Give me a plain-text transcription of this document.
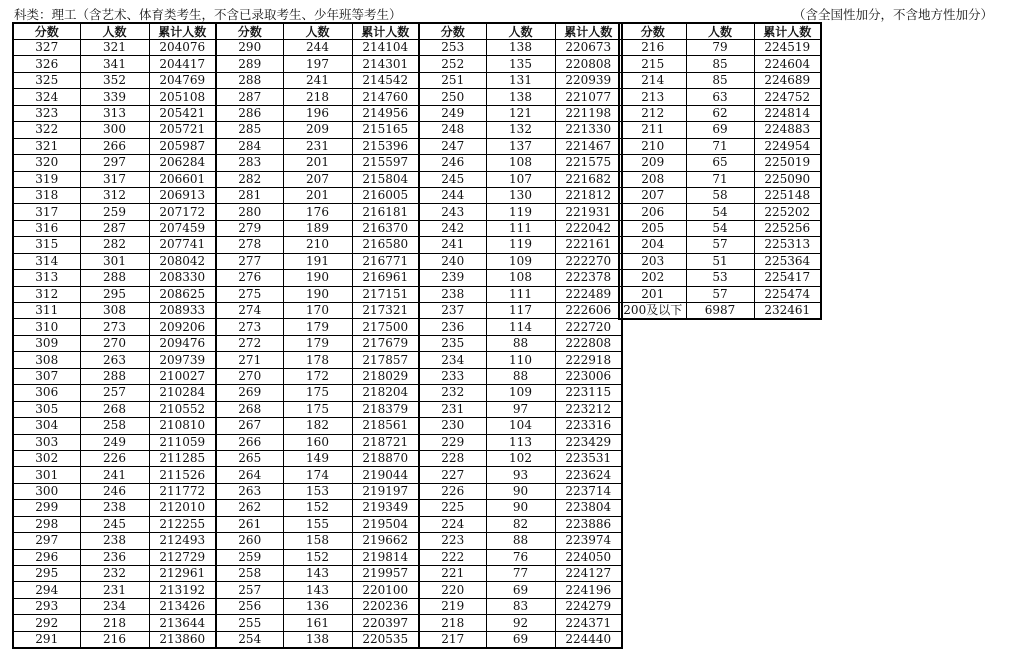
科类：理工（含艺术、体育类考生，不含已录取考生、少年班等考生）	（含全国性加分，不含地方性加分）
分数	人数	累计人数	分数	人数	累计人数	分数	人数	累计人数
327	321	204076	290	244	214104	253	138	220673
326	341	204417	289	197	214301	252	135	220808
325	352	204769	288	241	214542	251	131	220939
324	339	205108	287	218	214760	250	138	221077
323	313	205421	286	196	214956	249	121	221198
322	300	205721	285	209	215165	248	132	221330
321	266	205987	284	231	215396	247	137	221467
320	297	206284	283	201	215597	246	108	221575
319	317	206601	282	207	215804	245	107	221682
318	312	206913	281	201	216005	244	130	221812
317	259	207172	280	176	216181	243	119	221931
316	287	207459	279	189	216370	242	111	222042
315	282	207741	278	210	216580	241	119	222161
314	301	208042	277	191	216771	240	109	222270
313	288	208330	276	190	216961	239	108	222378
312	295	208625	275	190	217151	238	111	222489
311	308	208933	274	170	217321	237	117	222606
310	273	209206	273	179	217500	236	114	222720
309	270	209476	272	179	217679	235	88	222808
308	263	209739	271	178	217857	234	110	222918
307	288	210027	270	172	218029	233	88	223006
306	257	210284	269	175	218204	232	109	223115
305	268	210552	268	175	218379	231	97	223212
304	258	210810	267	182	218561	230	104	223316
303	249	211059	266	160	218721	229	113	223429
302	226	211285	265	149	218870	228	102	223531
301	241	211526	264	174	219044	227	93	223624
300	246	211772	263	153	219197	226	90	223714
299	238	212010	262	152	219349	225	90	223804
298	245	212255	261	155	219504	224	82	223886
297	238	212493	260	158	219662	223	88	223974
296	236	212729	259	152	219814	222	76	224050
295	232	212961	258	143	219957	221	77	224127
294	231	213192	257	143	220100	220	69	224196
293	234	213426	256	136	220236	219	83	224279
292	218	213644	255	161	220397	218	92	224371
291	216	213860	254	138	220535	217	69	224440
分数	人数	累计人数
216	79	224519
215	85	224604
214	85	224689
213	63	224752
212	62	224814
211	69	224883
210	71	224954
209	65	225019
208	71	225090
207	58	225148
206	54	225202
205	54	225256
204	57	225313
203	51	225364
202	53	225417
201	57	225474
200及以下	6987	232461
